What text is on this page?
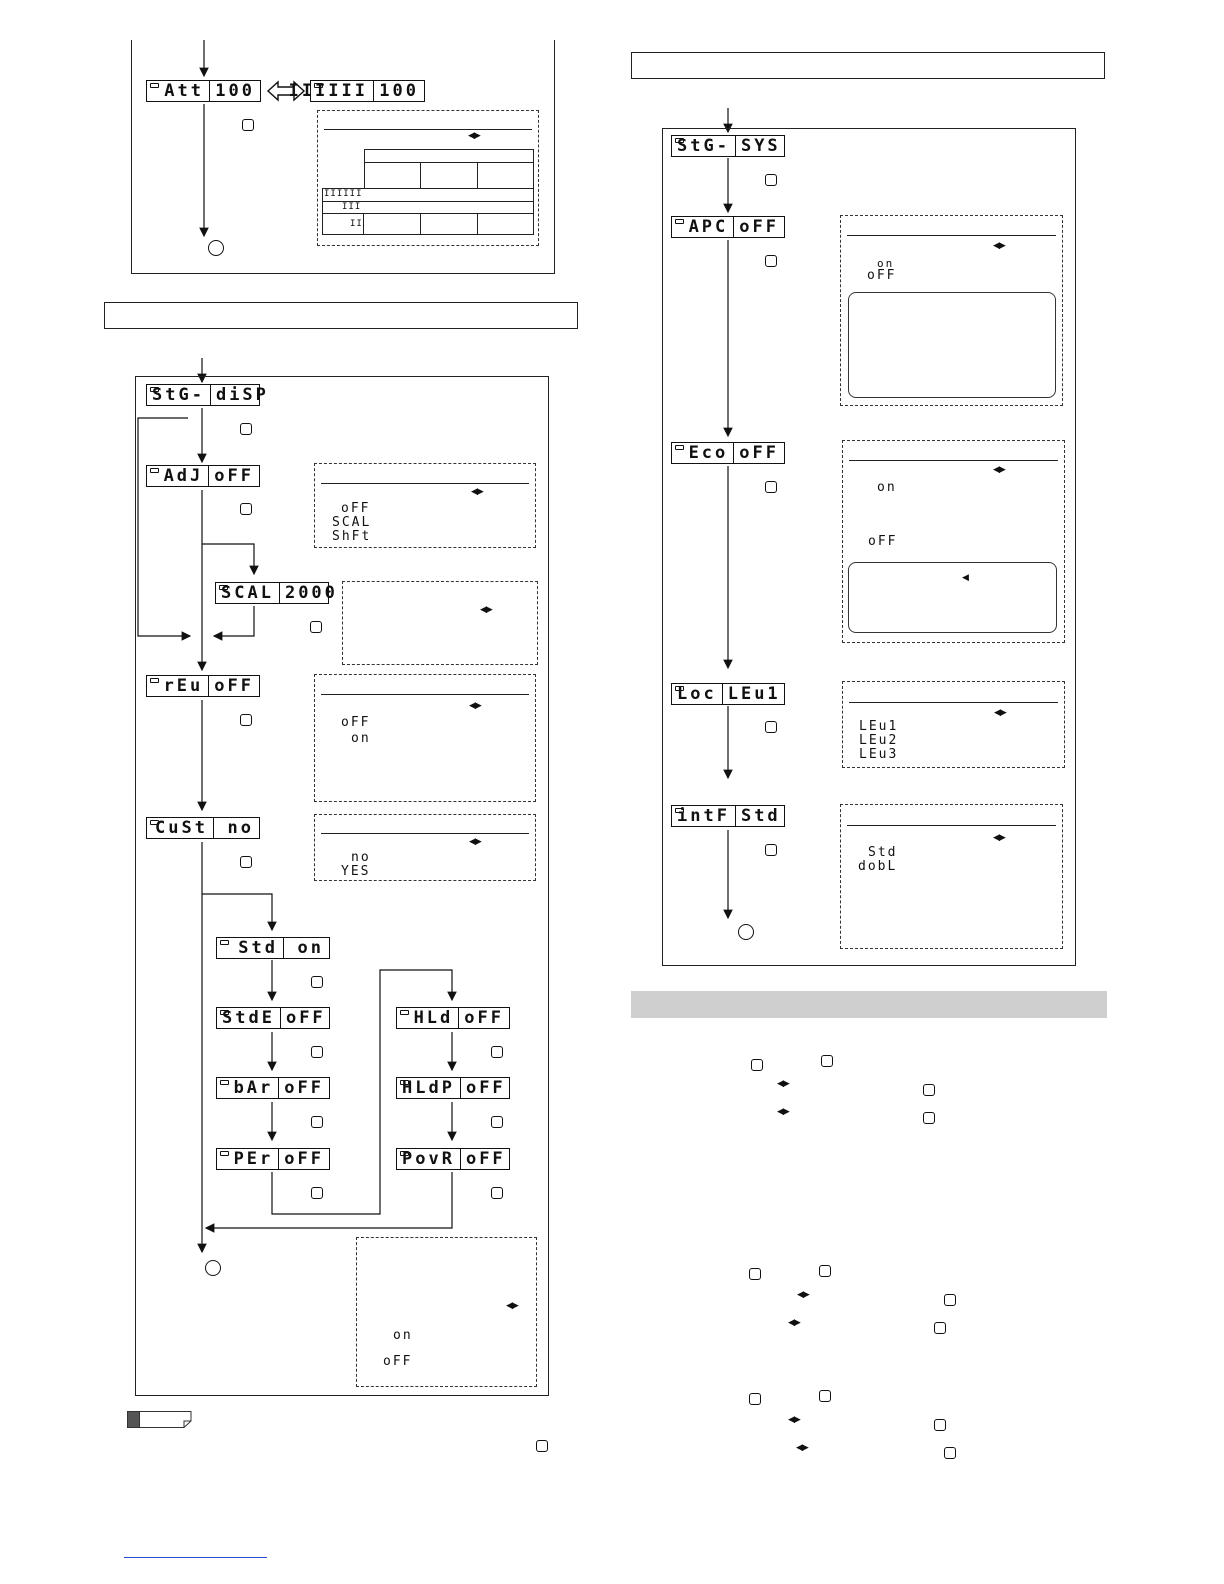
Att 100 IIIIII 100
◀▶
IIIIII
III
II
StG- diSP
AdJ oFF
◀▶
oFF
SCAL
ShFt
SCAL 2000
◀▶
rEu oFF
◀▶
oFF
on
CuSt no
◀▶
no
YES
Std on
StdE oFF
bAr oFF
PEr oFF
HLd oFF
HLdP oFF
PovR oFF
◀▶
on
oFF
StG- SYS
APC oFF
◀▶
on
oFF
Eco oFF
◀▶
on
oFF
◀
Loc LEu1
◀▶
LEu1
LEu2
LEu3
intF Std
◀▶
Std
dobL
◀▶
◀▶
◀▶
◀▶
◀▶
◀▶
